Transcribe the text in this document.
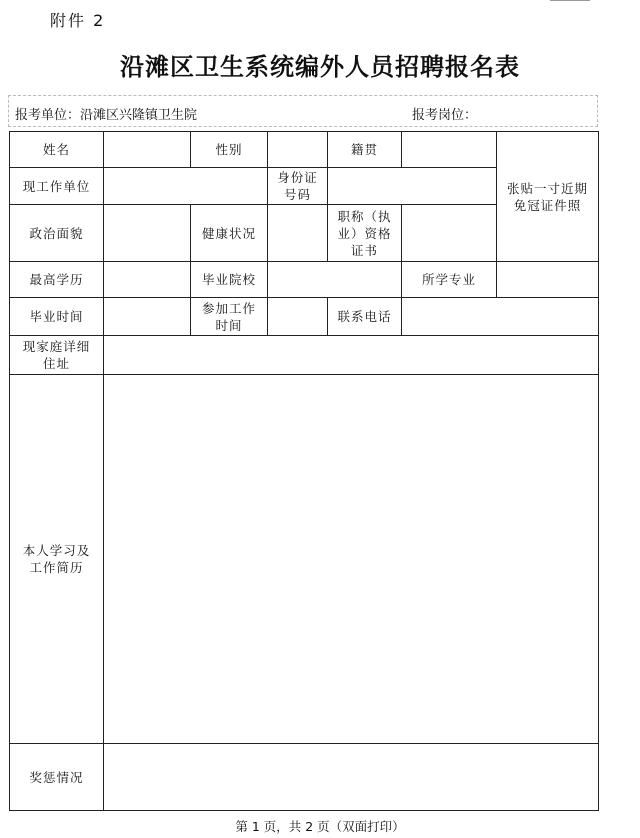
附件 2
沿滩区卫生系统编外人员招聘报名表
报考单位：沿滩区兴隆镇卫生院	报考岗位：
姓名		性别		籍贯		张贴一寸近期免冠证件照
现工作单位			身份证号码			
政治面貌		健康状况		职称（执业）资格证书		
最高学历		毕业院校			所学专业	
毕业时间		参加工作时间		联系电话		
现家庭详细住址						
本人学习及工作简历						
奖惩情况						
第 1 页，共 2 页（双面打印）
